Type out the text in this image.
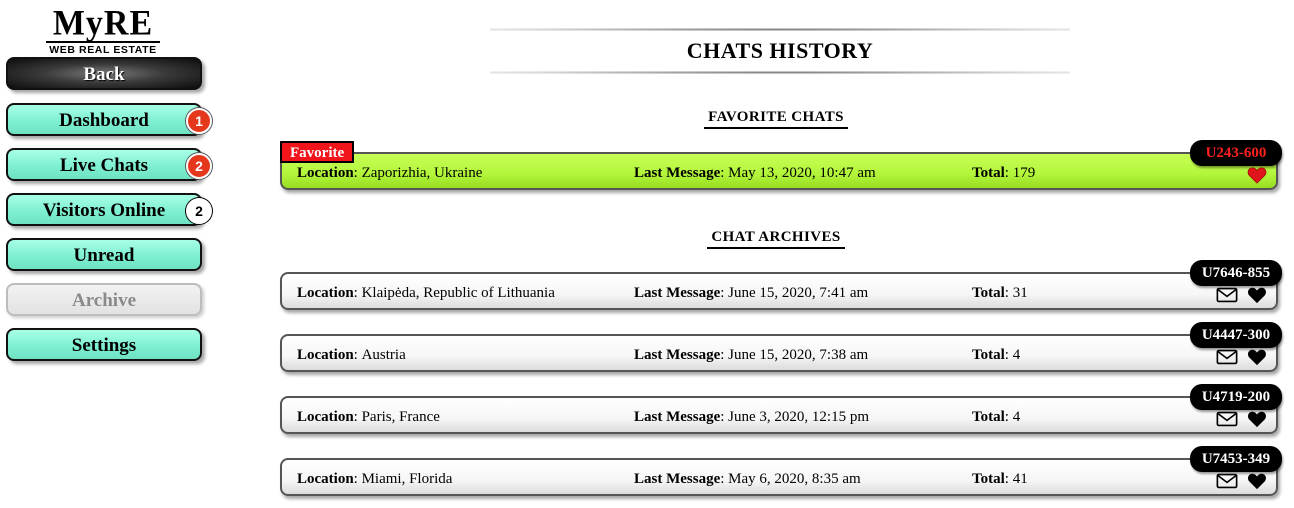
MyRE
WEB REAL ESTATE
Back
Dashboard	1
Live Chats	2
Visitors Online	2
Unread
Archive
Settings
CHATS HISTORY
FAVORITE CHATS
Favorite	U243-600
Location : Zaporizhia, Ukraine	Last Message : May 13, 2020, 10:47 am	Total : 179
CHAT ARCHIVES
U7646-855
Location : Klaipėda, Republic of Lithuania	Last Message : June 15, 2020, 7:41 am	Total : 31
U4447-300
Location : Austria	Last Message : June 15, 2020, 7:38 am	Total : 4
U4719-200
Location : Paris, France	Last Message : June 3, 2020, 12:15 pm	Total : 4
U7453-349
Location : Miami, Florida	Last Message : May 6, 2020, 8:35 am	Total : 41
